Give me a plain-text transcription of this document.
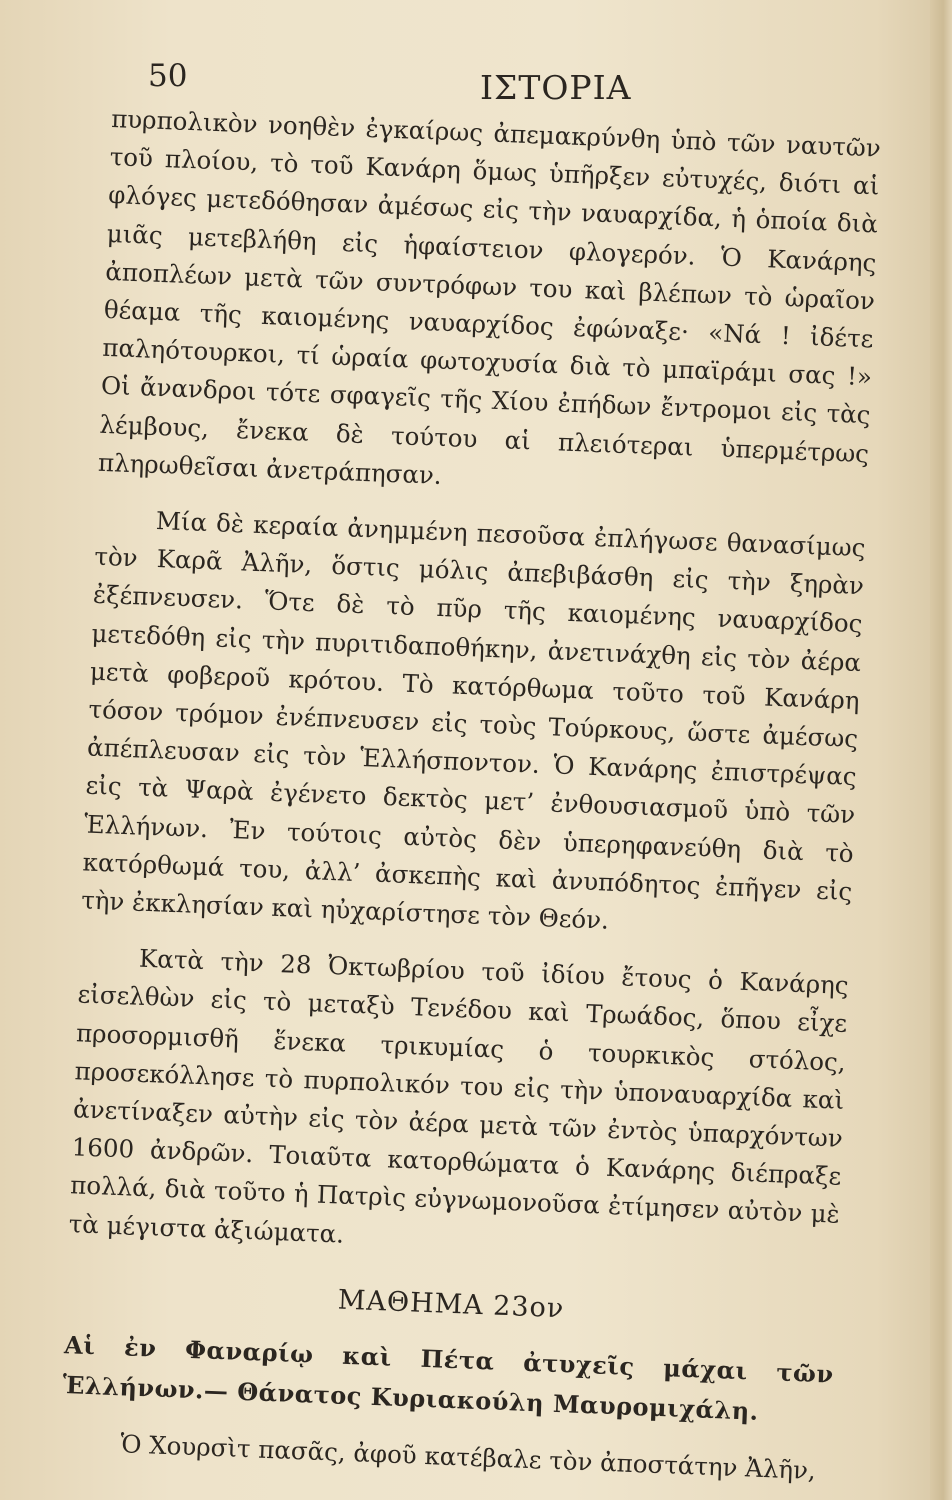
50	ΙΣΤΟΡΙΑ

πυρπολικὸν νοηθὲν ἐγκαίρως ἀπεμακρύνθη ὑπὸ τῶν ναυτῶν τοῦ πλοίου, τὸ τοῦ Κανάρη ὅμως ὑπῆρξεν εὐτυχές, διότι αἱ φλόγες μετεδόθησαν ἀμέσως εἰς τὴν ναυαρχίδα, ἡ ὁποία διὰ μιᾶς μετεβλήθη εἰς ἡφαίστειον φλογερόν. Ὁ Κανάρης ἀποπλέων μετὰ τῶν συντρόφων του καὶ βλέπων τὸ ὡραῖον θέαμα τῆς καιομένης ναυαρχίδος ἐφώναξε· «Νά ! ἰδέτε παληότουρκοι, τί ὡραία φωτοχυσία διὰ τὸ μπαϊράμι σας !» Οἱ ἄνανδροι τότε σφαγεῖς τῆς Χίου ἐπήδων ἔντρομοι εἰς τὰς λέμβους, ἔνεκα δὲ τούτου αἱ πλειότεραι ὑπερμέτρως πληρωθεῖσαι ἀνετράπησαν.

Μία δὲ κεραία ἀνημμένη πεσοῦσα ἐπλήγωσε θανασίμως τὸν Καρᾶ Ἀλῆν, ὅστις μόλις ἀπεβιβάσθη εἰς τὴν ξηρὰν ἐξέπνευσεν. Ὅτε δὲ τὸ πῦρ τῆς καιομένης ναυαρχίδος μετεδόθη εἰς τὴν πυριτιδαποθήκην, ἀνετινάχθη εἰς τὸν ἀέρα μετὰ φοβεροῦ κρότου. Τὸ κατόρθωμα τοῦτο τοῦ Κανάρη τόσον τρόμον ἐνέπνευσεν εἰς τοὺς Τούρκους, ὥστε ἀμέσως ἀπέπλευσαν εἰς τὸν Ἑλλήσποντον. Ὁ Κανάρης ἐπιστρέψας εἰς τὰ Ψαρὰ ἐγένετο δεκτὸς μετ’ ἐνθουσιασμοῦ ὑπὸ τῶν Ἑλλήνων. Ἐν τούτοις αὐτὸς δὲν ὑπερηφανεύθη διὰ τὸ κατόρθωμά του, ἀλλ’ ἀσκεπὴς καὶ ἀνυπόδητος ἐπῆγεν εἰς τὴν ἐκκλησίαν καὶ ηὐχαρίστησε τὸν Θεόν.

Κατὰ τὴν 28 Ὀκτωβρίου τοῦ ἰδίου ἔτους ὁ Κανάρης εἰσελθὼν εἰς τὸ μεταξὺ Τενέδου καὶ Τρωάδος, ὅπου εἶχε προσορμισθῆ ἕνεκα τρικυμίας ὁ τουρκικὸς στόλος, προσεκόλλησε τὸ πυρπολικόν του εἰς τὴν ὑποναυαρχίδα καὶ ἀνετίναξεν αὐτὴν εἰς τὸν ἀέρα μετὰ τῶν ἐντὸς ὑπαρχόντων 1600 ἀνδρῶν. Τοιαῦτα κατορθώματα ὁ Κανάρης διέπραξε πολλά, διὰ τοῦτο ἡ Πατρὶς εὐγνωμονοῦσα ἐτίμησεν αὐτὸν μὲ τὰ μέγιστα ἀξιώματα.

ΜΑΘΗΜΑ 23ον

Αἱ ἐν Φαναρίῳ καὶ Πέτα ἀτυχεῖς μάχαι τῶν Ἑλλήνων.— Θάνατος Κυριακούλη Μαυρομιχάλη.

Ὁ Χουρσὶτ πασᾶς, ἀφοῦ κατέβαλε τὸν ἀποστάτην Ἀλῆν,
